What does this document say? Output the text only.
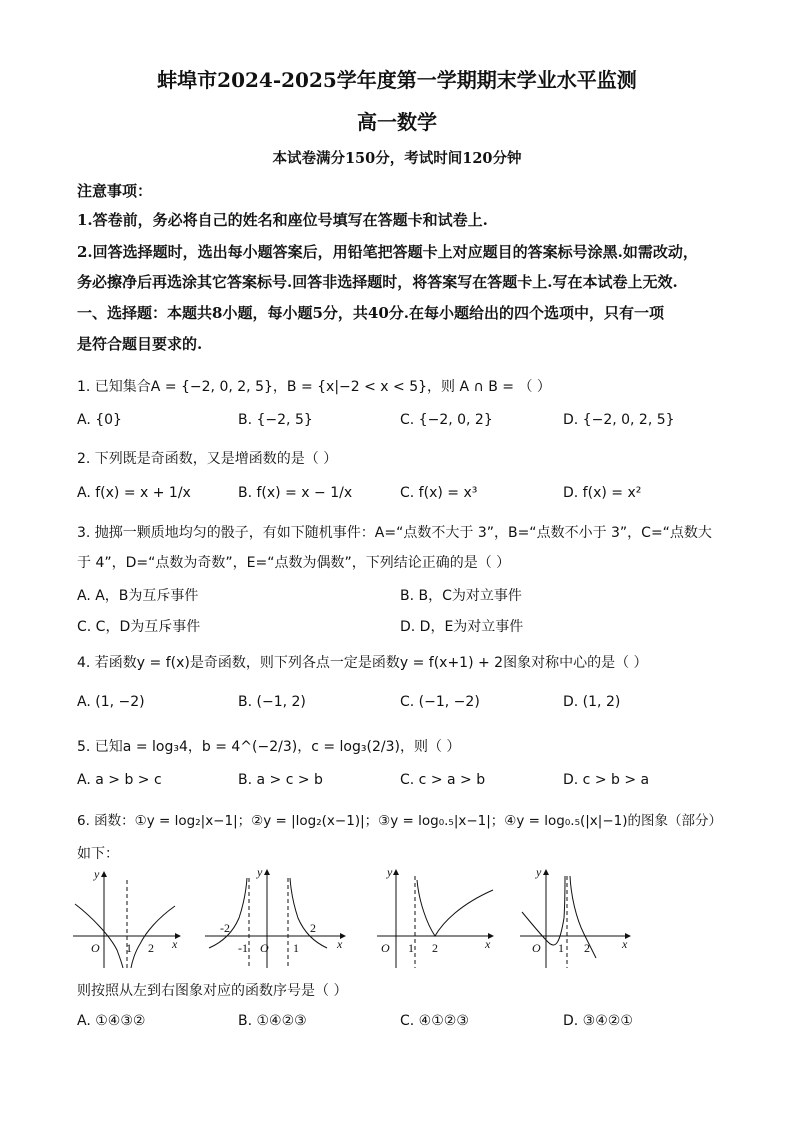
蚌埠市2024-2025学年度第一学期期末学业水平监测
高一数学
本试卷满分150分，考试时间120分钟
注意事项：
1.答卷前，务必将自己的姓名和座位号填写在答题卡和试卷上.
2.回答选择题时，选出每小题答案后，用铅笔把答题卡上对应题目的答案标号涂黑.如需改动，
务必擦净后再选涂其它答案标号.回答非选择题时，将答案写在答题卡上.写在本试卷上无效.
一、选择题：本题共8小题，每小题5分，共40分.在每小题给出的四个选项中，只有一项
是符合题目要求的.
1. 已知集合A = {−2, 0, 2, 5}，B = {x|−2 < x < 5}，则 A ∩ B = （ ）
A. {0}	B. {−2, 5}	C. {−2, 0, 2}	D. {−2, 0, 2, 5}
2. 下列既是奇函数，又是增函数的是（ ）
A. f(x) = x + 1/x	B. f(x) = x − 1/x	C. f(x) = x³	D. f(x) = x²
3. 抛掷一颗质地均匀的骰子，有如下随机事件：A=“点数不大于 3”，B=“点数不小于 3”，C=“点数大
于 4”，D=“点数为奇数”，E=“点数为偶数”，下列结论正确的是（ ）
A. A，B为互斥事件	B. B，C为对立事件
C. C，D为互斥事件	D. D，E为对立事件
4. 若函数y = f(x)是奇函数，则下列各点一定是函数y = f(x+1) + 2图象对称中心的是（ ）
A. (1, −2)	B. (−1, 2)	C. (−1, −2)	D. (1, 2)
5. 已知a = log₃4，b = 4^(−2/3)，c = log₃(2/3)，则（ ）
A. a > b > c	B. a > c > b	C. c > a > b	D. c > b > a
6. 函数：①y = log₂|x−1|；②y = |log₂(x−1)|；③y = log₀.₅|x−1|；④y = log₀.₅(|x|−1)的图象（部分）
如下：
y
x
O 1 2
y
x
-2
-1 O 1
2
y
x
O 1 2
y
x
O 1 2
则按照从左到右图象对应的函数序号是（ ）
A. ①④③②	B. ①④②③	C. ④①②③	D. ③④②①
